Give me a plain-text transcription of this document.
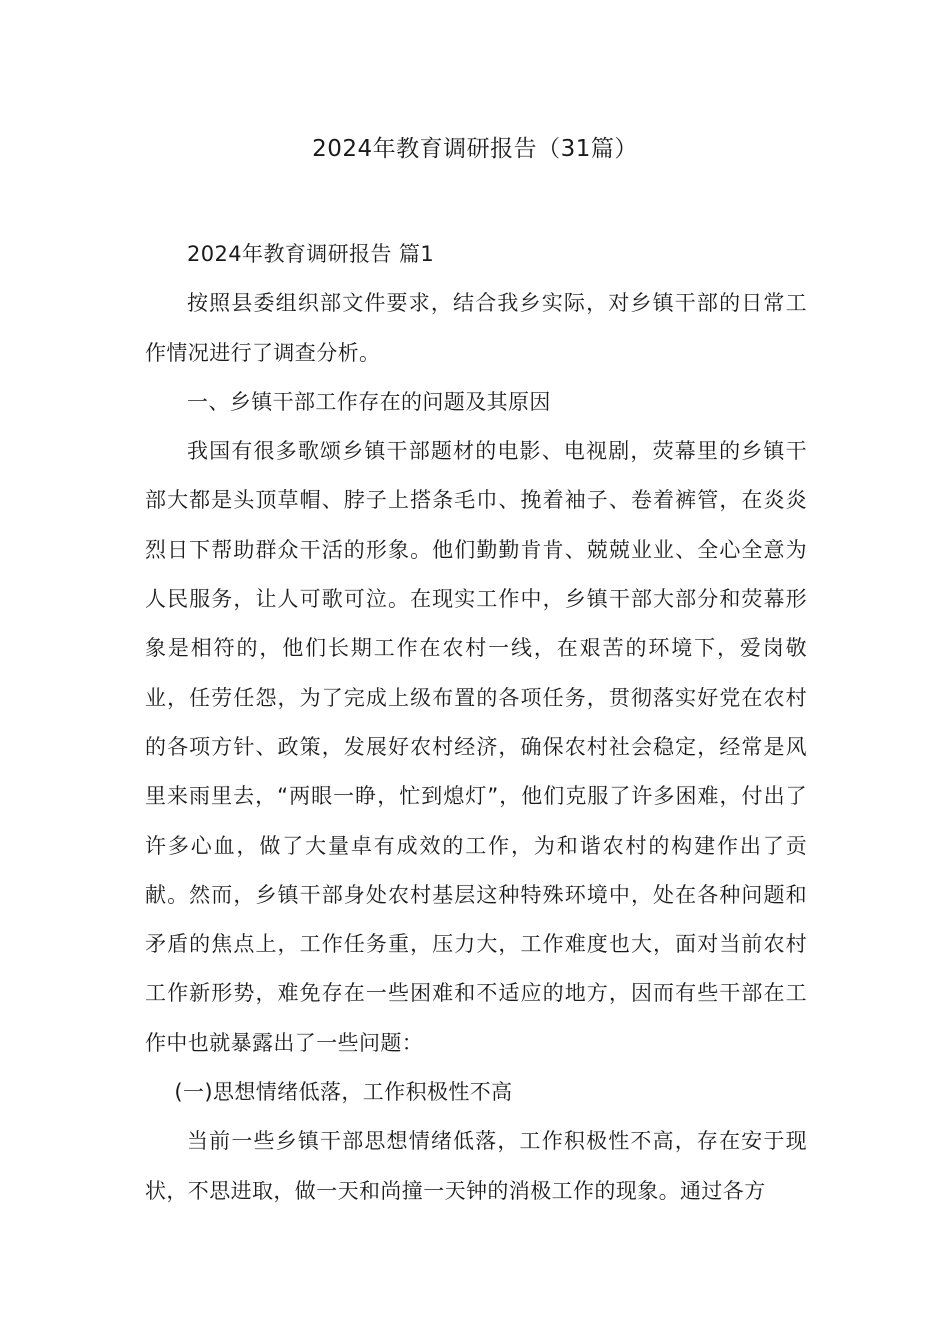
2024年教育调研报告（31篇）

2024年教育调研报告 篇1

按照县委组织部文件要求，结合我乡实际，对乡镇干部的日常工作情况进行了调查分析。

一、乡镇干部工作存在的问题及其原因

我国有很多歌颂乡镇干部题材的电影、电视剧，荧幕里的乡镇干部大都是头顶草帽、脖子上搭条毛巾、挽着袖子、卷着裤管，在炎炎烈日下帮助群众干活的形象。他们勤勤肯肯、兢兢业业、全心全意为人民服务，让人可歌可泣。在现实工作中，乡镇干部大部分和荧幕形象是相符的，他们长期工作在农村一线，在艰苦的环境下，爱岗敬业，任劳任怨，为了完成上级布置的各项任务，贯彻落实好党在农村的各项方针、政策，发展好农村经济，确保农村社会稳定，经常是风里来雨里去，“两眼一睁，忙到熄灯”，他们克服了许多困难，付出了许多心血，做了大量卓有成效的工作，为和谐农村的构建作出了贡献。然而，乡镇干部身处农村基层这种特殊环境中，处在各种问题和矛盾的焦点上，工作任务重，压力大，工作难度也大，面对当前农村工作新形势，难免存在一些困难和不适应的地方，因而有些干部在工作中也就暴露出了一些问题：

(一)思想情绪低落，工作积极性不高

当前一些乡镇干部思想情绪低落，工作积极性不高，存在安于现状，不思进取，做一天和尚撞一天钟的消极工作的现象。通过各方
